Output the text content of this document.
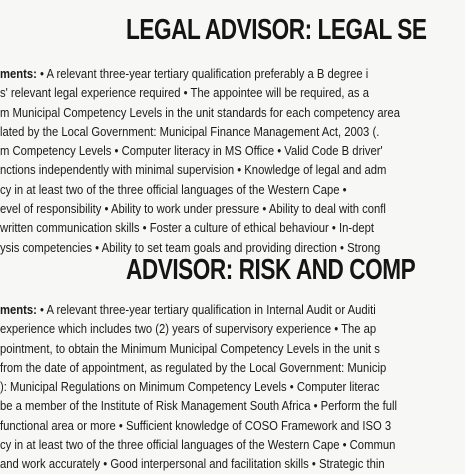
LEGAL ADVISOR: LEGAL SE
ments: • A relevant three-year tertiary qualification preferably a B degree i
s' relevant legal experience required • The appointee will be required, as a
m Municipal Competency Levels in the unit standards for each competency area
lated by the Local Government: Municipal Finance Management Act, 2003 (.
m Competency Levels • Computer literacy in MS Office • Valid Code B driver'
nctions independently with minimal supervision • Knowledge of legal and adm
cy in at least two of the three official languages of the Western Cape •
evel of responsibility • Ability to work under pressure • Ability to deal with confl
written communication skills • Foster a culture of ethical behaviour • In-dept
ysis competencies • Ability to set team goals and providing direction • Strong
ADVISOR: RISK AND COMP
ments: • A relevant three-year tertiary qualification in Internal Audit or Auditi
experience which includes two (2) years of supervisory experience • The ap
pointment, to obtain the Minimum Municipal Competency Levels in the unit s
from the date of appointment, as regulated by the Local Government: Municip
): Municipal Regulations on Minimum Competency Levels • Computer literac
be a member of the Institute of Risk Management South Africa • Perform the full
functional area or more • Sufficient knowledge of COSO Framework and ISO 3
cy in at least two of the three official languages of the Western Cape • Commun
and work accurately • Good interpersonal and facilitation skills • Strategic thin
